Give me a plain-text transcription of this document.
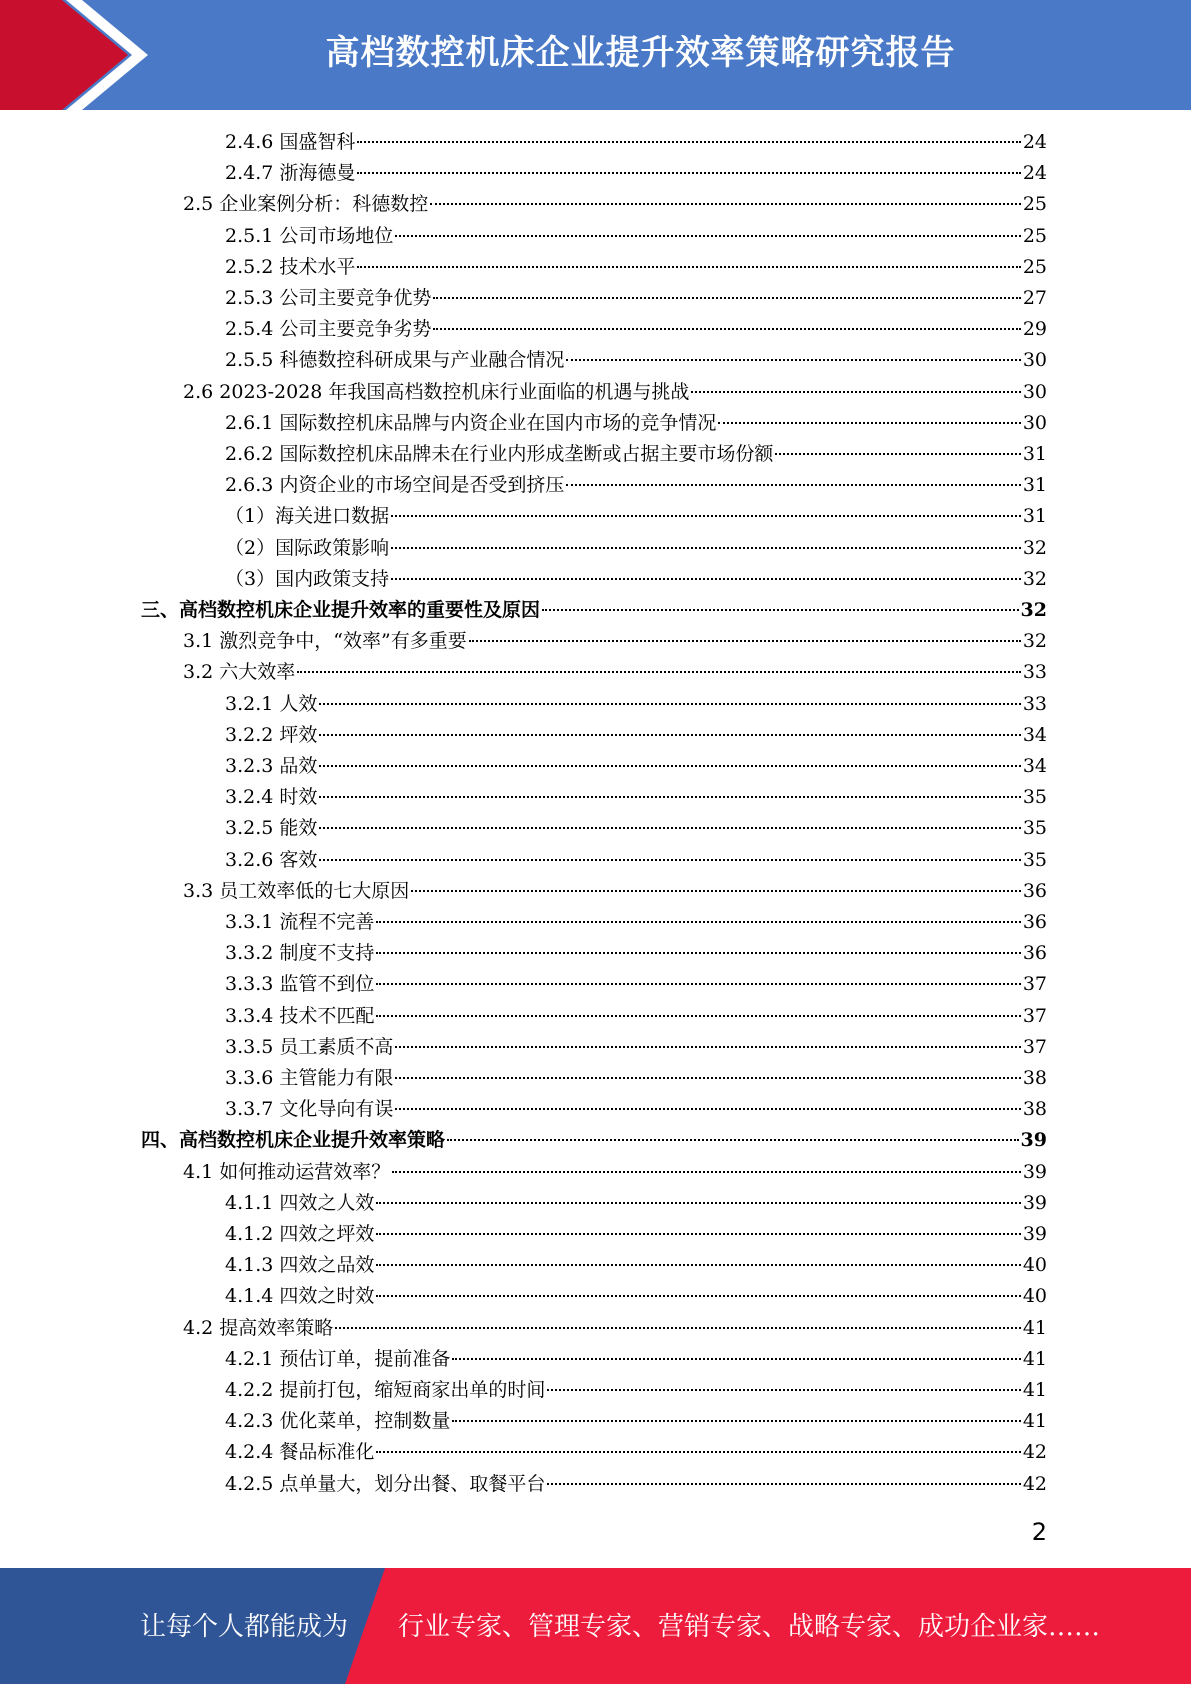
高档数控机床企业提升效率策略研究报告
2.4.6 国盛智科	24
2.4.7 浙海德曼	24
2.5 企业案例分析：科德数控	25
2.5.1 公司市场地位	25
2.5.2 技术水平	25
2.5.3 公司主要竞争优势	27
2.5.4 公司主要竞争劣势	29
2.5.5 科德数控科研成果与产业融合情况	30
2.6 2023-2028 年我国高档数控机床行业面临的机遇与挑战	30
2.6.1 国际数控机床品牌与内资企业在国内市场的竞争情况	30
2.6.2 国际数控机床品牌未在行业内形成垄断或占据主要市场份额	31
2.6.3 内资企业的市场空间是否受到挤压	31
（1）海关进口数据	31
（2）国际政策影响	32
（3）国内政策支持	32
三、高档数控机床企业提升效率的重要性及原因	32
3.1 激烈竞争中，“效率”有多重要	32
3.2 六大效率	33
3.2.1 人效	33
3.2.2 坪效	34
3.2.3 品效	34
3.2.4 时效	35
3.2.5 能效	35
3.2.6 客效	35
3.3 员工效率低的七大原因	36
3.3.1 流程不完善	36
3.3.2 制度不支持	36
3.3.3 监管不到位	37
3.3.4 技术不匹配	37
3.3.5 员工素质不高	37
3.3.6 主管能力有限	38
3.3.7 文化导向有误	38
四、高档数控机床企业提升效率策略	39
4.1 如何推动运营效率？	39
4.1.1 四效之人效	39
4.1.2 四效之坪效	39
4.1.3 四效之品效	40
4.1.4 四效之时效	40
4.2 提高效率策略	41
4.2.1 预估订单，提前准备	41
4.2.2 提前打包，缩短商家出单的时间	41
4.2.3 优化菜单，控制数量	41
4.2.4 餐品标准化	42
4.2.5 点单量大，划分出餐、取餐平台	42
2
让每个人都能成为 行业专家、管理专家、营销专家、战略专家、成功企业家……
